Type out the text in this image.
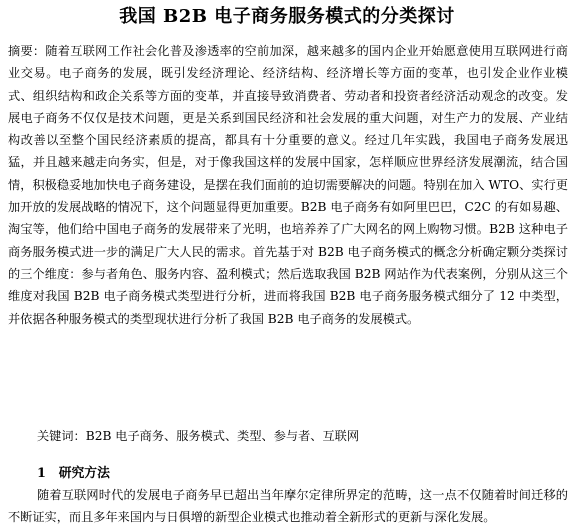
我国 B2B 电子商务服务模式的分类探讨

摘要：随着互联网工作社会化普及渗透率的空前加深，越来越多的国内企业开始愿意使用互联网进行商业交易。电子商务的发展，既引发经济理论、经济结构、经济增长等方面的变革，也引发企业作业模式、组织结构和政企关系等方面的变革，并直接导致消费者、劳动者和投资者经济活动观念的改变。发展电子商务不仅仅是技术问题，更是关系到国民经济和社会发展的重大问题，对生产力的发展、产业结构改善以至整个国民经济素质的提高，都具有十分重要的意义。经过几年实践，我国电子商务发展迅猛，并且越来越走向务实，但是，对于像我国这样的发展中国家，怎样顺应世界经济发展潮流，结合国情，积极稳妥地加快电子商务建设，是摆在我们面前的迫切需要解决的问题。特别在加入 WTO、实行更加开放的发展战略的情况下，这个问题显得更加重要。B2B 电子商务有如阿里巴巴，C2C 的有如易趣、淘宝等，他们给中国电子商务的发展带来了光明，也培养养了广大网名的网上购物习惯。B2B 这种电子商务服务模式进一步的满足广大人民的需求。首先基于对 B2B 电子商务模式的概念分析确定颗分类探讨的三个维度：参与者角色、服务内容、盈利模式；然后选取我国 B2B 网站作为代表案例，分别从这三个维度对我国 B2B 电子商务模式类型进行分析，进而将我国 B2B 电子商务服务模式细分了 12 中类型，并依据各种服务模式的类型现状进行分析了我国 B2B 电子商务的发展模式。

关键词：B2B 电子商务、服务模式、类型、参与者、互联网

1　研究方法

随着互联网时代的发展电子商务早已超出当年摩尔定律所界定的范畴，这一点不仅随着时间迁移的不断证实，而且多年来国内与日俱增的新型企业模式也推动着全新形式的更新与深化发展。
